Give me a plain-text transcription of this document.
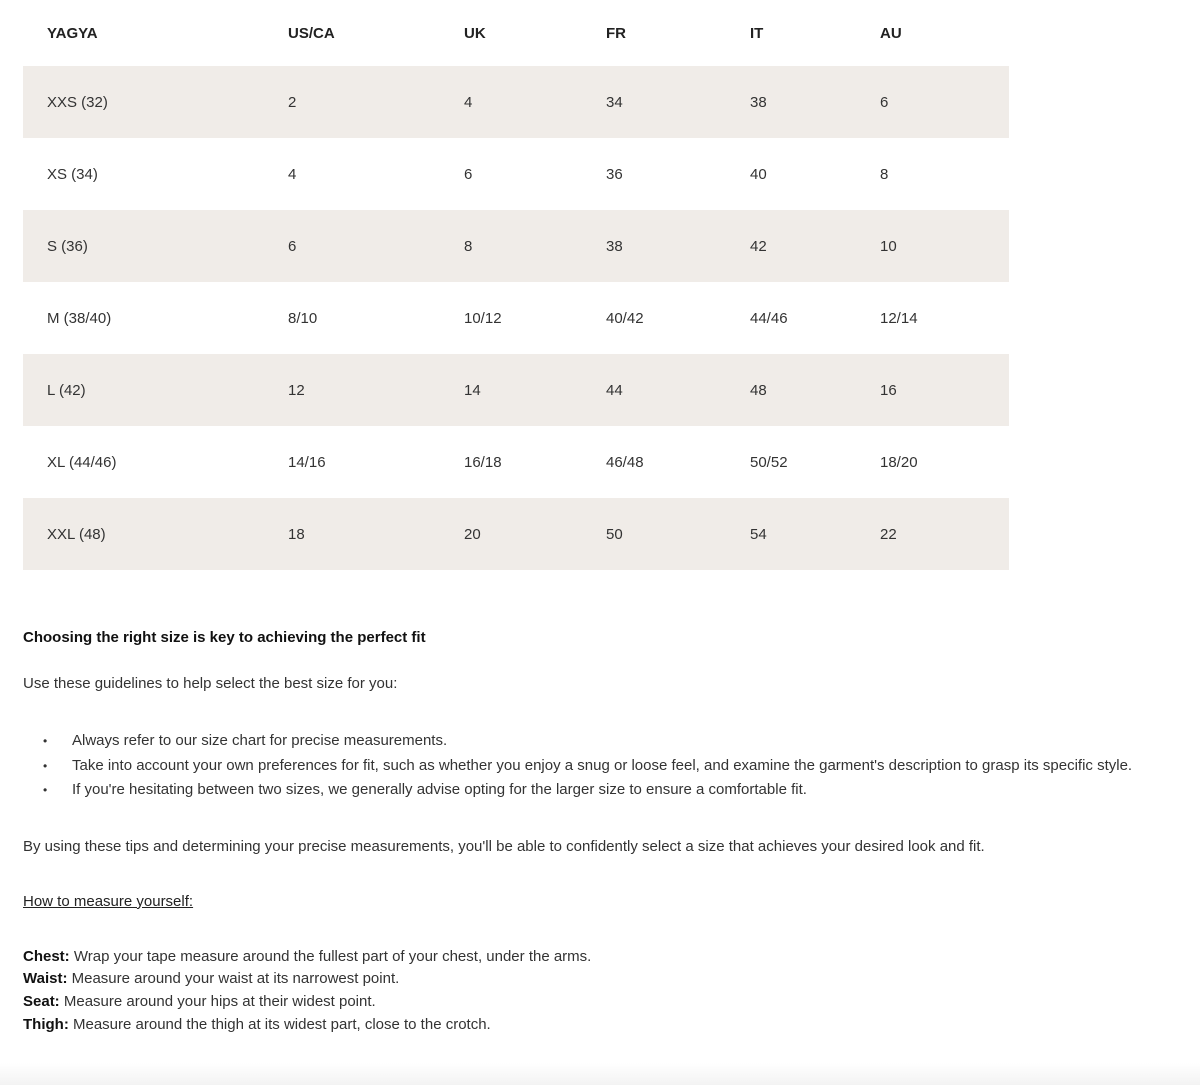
YAGYA	US/CA	UK	FR	IT	AU
XXS (32)	2	4	34	38	6
XS (34)	4	6	36	40	8
S (36)	6	8	38	42	10
M (38/40)	8/10	10/12	40/42	44/46	12/14
L (42)	12	14	44	48	16
XL (44/46)	14/16	16/18	46/48	50/52	18/20
XXL (48)	18	20	50	54	22

Choosing the right size is key to achieving the perfect fit

Use these guidelines to help select the best size for you:

• Always refer to our size chart for precise measurements.
• Take into account your own preferences for fit, such as whether you enjoy a snug or loose feel, and examine the garment's description to grasp its specific style.
• If you're hesitating between two sizes, we generally advise opting for the larger size to ensure a comfortable fit.

By using these tips and determining your precise measurements, you'll be able to confidently select a size that achieves your desired look and fit.

How to measure yourself:
Chest: Wrap your tape measure around the fullest part of your chest, under the arms.
Waist: Measure around your waist at its narrowest point.
Seat: Measure around your hips at their widest point.
Thigh: Measure around the thigh at its widest part, close to the crotch.
